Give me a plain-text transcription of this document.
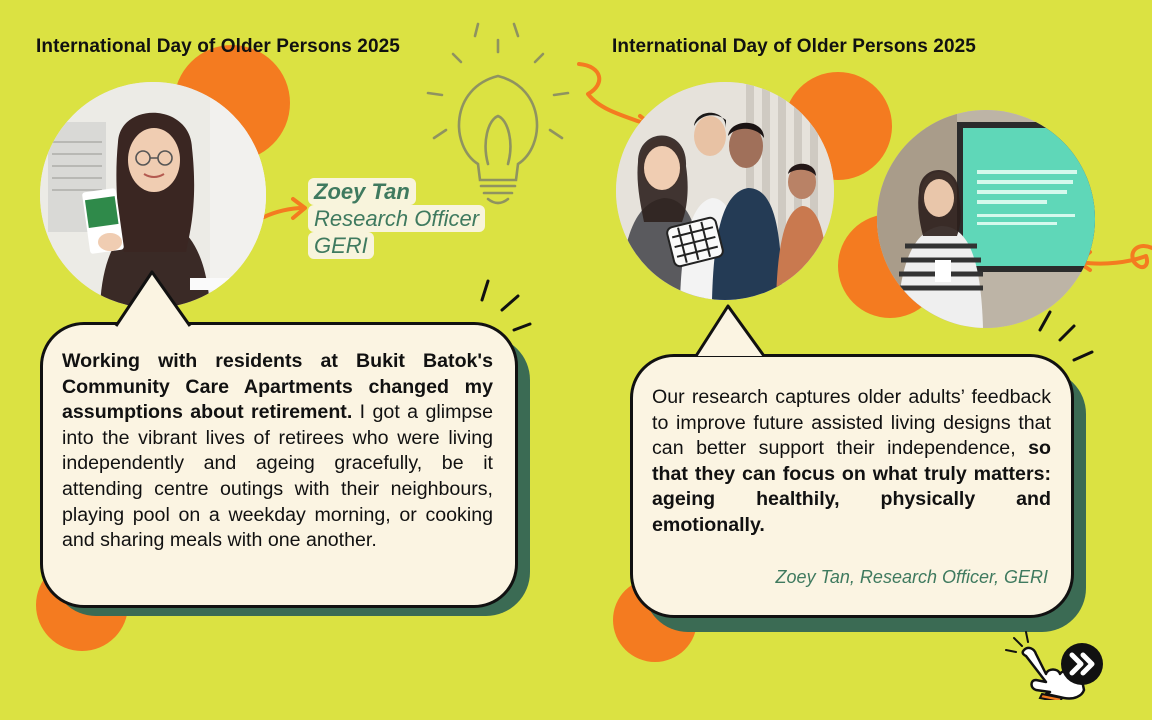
International Day of Older Persons 2025	International Day of Older Persons 2025
Zoey Tan
Research Officer
GERI
Working with residents at Bukit Batok's Community Care Apartments changed my assumptions about retirement. I got a glimpse into the vibrant lives of retirees who were living independently and ageing gracefully, be it attending centre outings with their neighbours, playing pool on a weekday morning, or cooking and sharing meals with one another.
Our research captures older adults’ feedback to improve future assisted living designs that can better support their independence, so that they can focus on what truly matters: ageing healthily, physically and emotionally.
Zoey Tan, Research Officer, GERI
